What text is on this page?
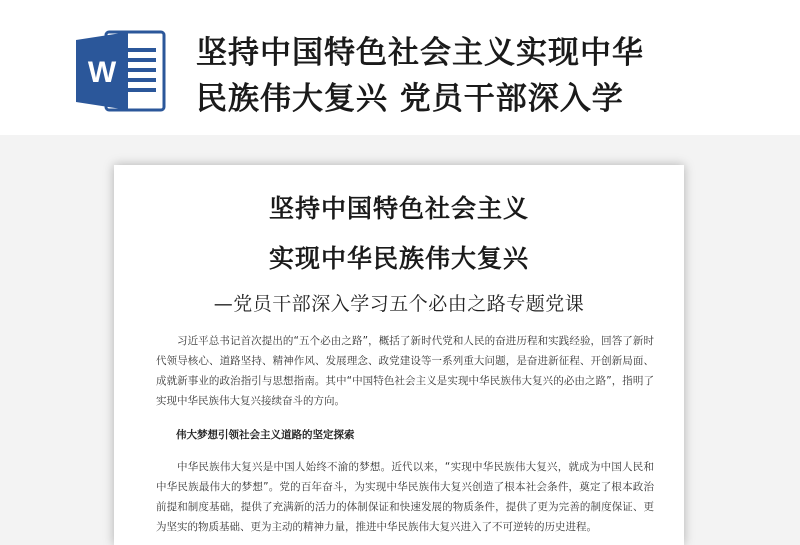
W
坚持中国特色社会主义实现中华
民族伟大复兴 党员干部深入学
坚持中国特色社会主义
实现中华民族伟大复兴
—党员干部深入学习五个必由之路专题党课
习近平总书记首次提出的“五个必由之路”，概括了新时代党和人民的奋进历程和实践经验，回答了新时代领导核心、道路坚持、精神作风、发展理念、政党建设等一系列重大问题，是奋进新征程、开创新局面、成就新事业的政治指引与思想指南。其中“中国特色社会主义是实现中华民族伟大复兴的必由之路”，指明了实现中华民族伟大复兴接续奋斗的方向。
伟大梦想引领社会主义道路的坚定探索
中华民族伟大复兴是中国人始终不渝的梦想。近代以来，“实现中华民族伟大复兴，就成为中国人民和中华民族最伟大的梦想”。党的百年奋斗，为实现中华民族伟大复兴创造了根本社会条件，奠定了根本政治前提和制度基础，提供了充满新的活力的体制保证和快速发展的物质条件，提供了更为完善的制度保证、更为坚实的物质基础、更为主动的精神力量，推进中华民族伟大复兴进入了不可逆转的历史进程。
